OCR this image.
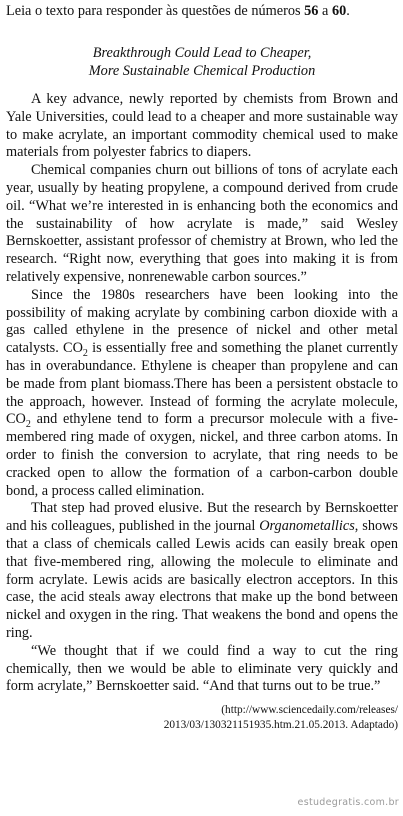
Leia o texto para responder às questões de números 56 a 60.

Breakthrough Could Lead to Cheaper,
More Sustainable Chemical Production

A key advance, newly reported by chemists from Brown and Yale Universities, could lead to a cheaper and more sustainable way to make acrylate, an important commodity chemical used to make materials from polyester fabrics to diapers.

Chemical companies churn out billions of tons of acrylate each year, usually by heating propylene, a compound derived from crude oil. “What we’re interested in is enhancing both the economics and the sustainability of how acrylate is made,” said Wesley Bernskoetter, assistant professor of chemistry at Brown, who led the research. “Right now, everything that goes into making it is from relatively expensive, nonrenewable carbon sources.”

Since the 1980s researchers have been looking into the possibility of making acrylate by combining carbon dioxide with a gas called ethylene in the presence of nickel and other metal catalysts. $CO_2$ is essentially free and something the planet currently has in overabundance. Ethylene is cheaper than propylene and can be made from plant biomass.There has been a persistent obstacle to the approach, however. Instead of forming the acrylate molecule, $CO_2$ and ethylene tend to form a precursor molecule with a five-membered ring made of oxygen, nickel, and three carbon atoms. In order to finish the conversion to acrylate, that ring needs to be cracked open to allow the formation of a carbon-carbon double bond, a process called elimination.

That step had proved elusive. But the research by Bernskoetter and his colleagues, published in the journal Organometallics, shows that a class of chemicals called Lewis acids can easily break open that five-membered ring, allowing the molecule to eliminate and form acrylate. Lewis acids are basically electron acceptors. In this case, the acid steals away electrons that make up the bond between nickel and oxygen in the ring. That weakens the bond and opens the ring.

“We thought that if we could find a way to cut the ring chemically, then we would be able to eliminate very quickly and form acrylate,” Bernskoetter said. “And that turns out to be true.”

(http://www.sciencedaily.com/releases/
2013/03/130321151935.htm.21.05.2013. Adaptado)
estudegratis.com.br
